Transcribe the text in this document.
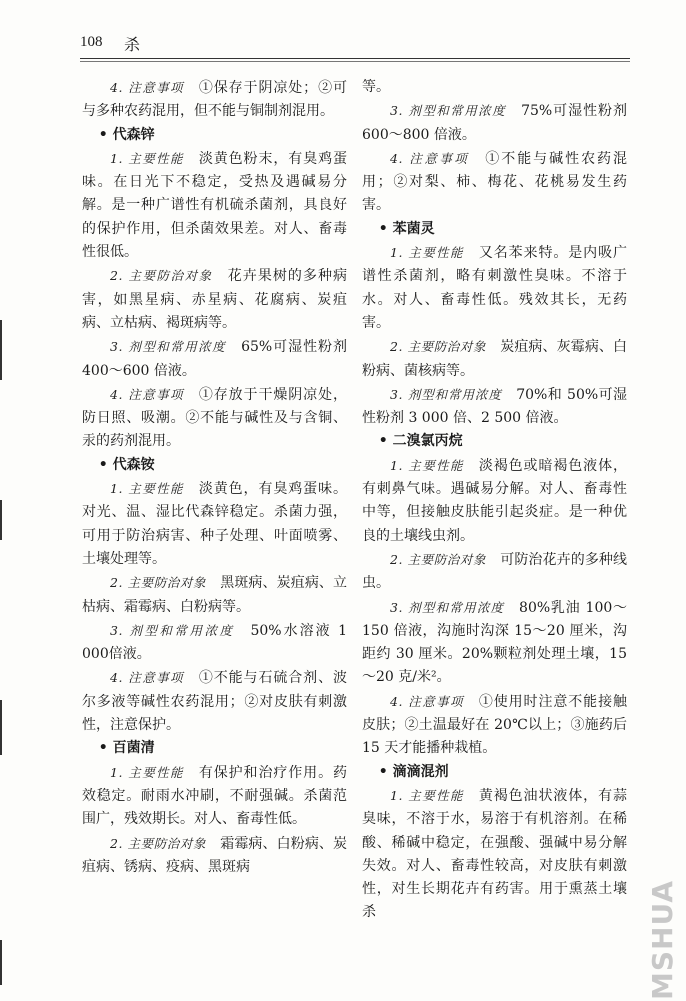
108 杀

4. 注意事项　 ①保存于阴凉处；②可与多种农药混用，但不能与铜制剂混用。

• 代森锌

1. 主要性能　 淡黄色粉末，有臭鸡蛋味。在日光下不稳定，受热及遇碱易分解。是一种广谱性有机硫杀菌剂，具良好的保护作用，但杀菌效果差。对人、畜毒性很低。

2. 主要防治对象　 花卉果树的多种病害，如黑星病、赤星病、花腐病、炭疽病、立枯病、褐斑病等。

3. 剂型和常用浓度　 65%可湿性粉剂 400～600 倍液。

4. 注意事项　 ①存放于干燥阴凉处，防日照、吸潮。②不能与碱性及与含铜、汞的药剂混用。

• 代森铵

1. 主要性能　 淡黄色，有臭鸡蛋味。对光、温、湿比代森锌稳定。杀菌力强，可用于防治病害、种子处理、叶面喷雾、土壤处理等。

2. 主要防治对象　 黑斑病、炭疽病、立枯病、霜霉病、白粉病等。

3. 剂型和常用浓度　 50%水溶液 1 000倍液。

4. 注意事项　 ①不能与石硫合剂、波尔多液等碱性农药混用；②对皮肤有刺激性，注意保护。

• 百菌清

1. 主要性能　 有保护和治疗作用。药效稳定。耐雨水冲刷，不耐强碱。杀菌范围广，残效期长。对人、畜毒性低。

2. 主要防治对象　 霜霉病、白粉病、炭疽病、锈病、疫病、黑斑病

等。

3. 剂型和常用浓度　 75%可湿性粉剂 600～800 倍液。

4. 注意事项　 ①不能与碱性农药混用；②对梨、柿、梅花、花桃易发生药害。

• 苯菌灵

1. 主要性能　 又名苯来特。是内吸广谱性杀菌剂，略有刺激性臭味。不溶于水。对人、畜毒性低。残效其长，无药害。

2. 主要防治对象　 炭疽病、灰霉病、白粉病、菌核病等。

3. 剂型和常用浓度　 70%和 50%可湿性粉剂 3 000 倍、2 500 倍液。

• 二溴氯丙烷

1. 主要性能　 淡褐色或暗褐色液体，有刺鼻气味。遇碱易分解。对人、畜毒性中等，但接触皮肤能引起炎症。是一种优良的土壤线虫剂。

2. 主要防治对象　 可防治花卉的多种线虫。

3. 剂型和常用浓度　 80%乳油 100～150 倍液，沟施时沟深 15～20 厘米，沟距约 30 厘米。20%颗粒剂处理土壤，15～20 克/米²。

4. 注意事项　 ①使用时注意不能接触皮肤；②土温最好在 20℃以上；③施药后 15 天才能播种栽植。

• 滴滴混剂

1. 主要性能　 黄褐色油状液体，有蒜臭味，不溶于水，易溶于有机溶剂。在稀酸、稀碱中稳定，在强酸、强碱中易分解失效。对人、畜毒性较高，对皮肤有刺激性，对生长期花卉有药害。用于熏蒸土壤杀	MSHUA
